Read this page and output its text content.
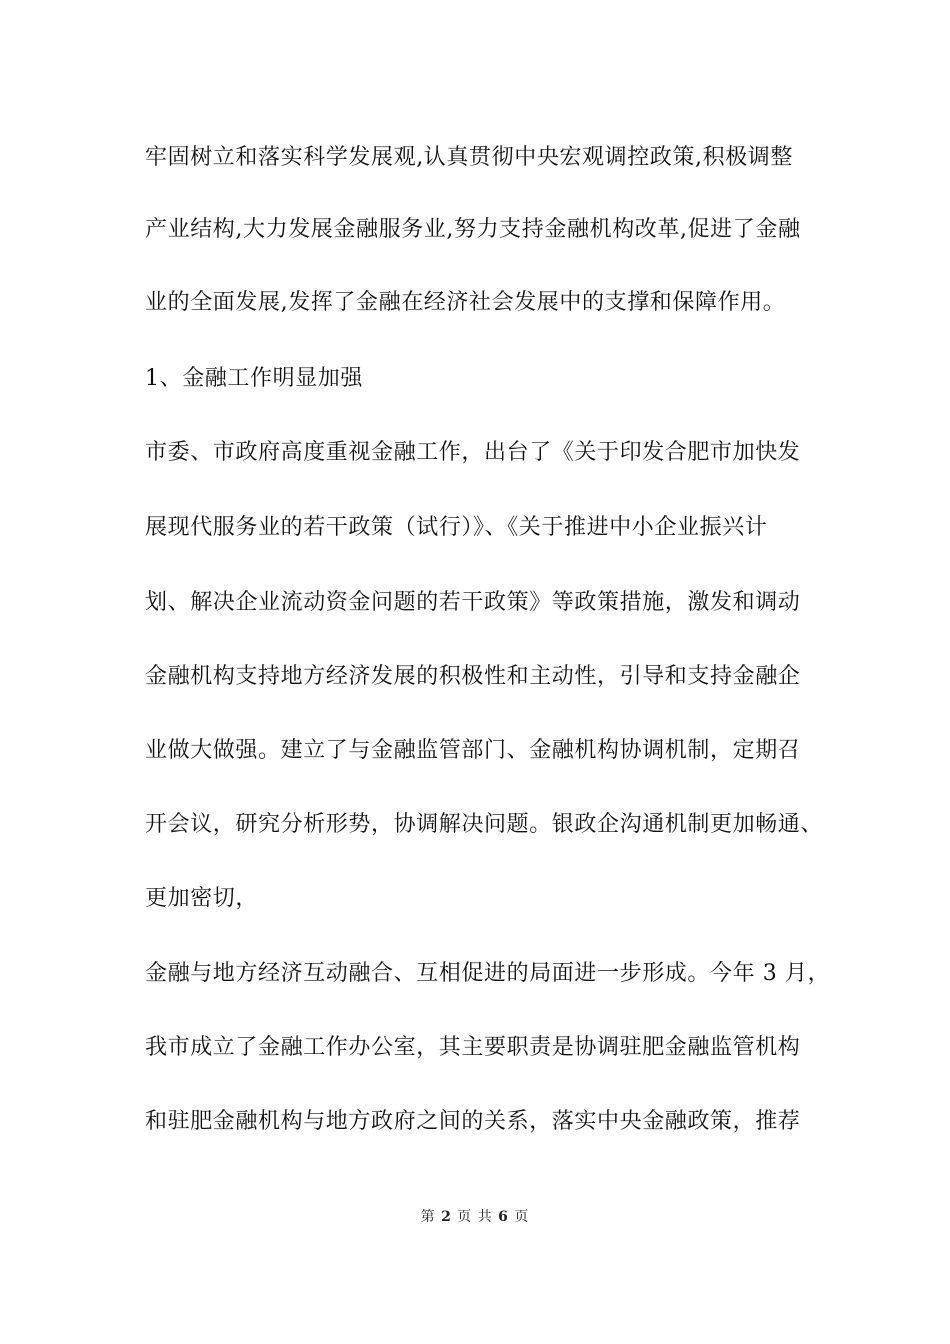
牢固树立和落实科学发展观,认真贯彻中央宏观调控政策,积极调整
产业结构,大力发展金融服务业,努力支持金融机构改革,促进了金融
业的全面发展,发挥了金融在经济社会发展中的支撑和保障作用。
1、金融工作明显加强
市委、市政府高度重视金融工作，出台了《关于印发合肥市加快发
展现代服务业的若干政策（试行）》、《关于推进中小企业振兴计
划、解决企业流动资金问题的若干政策》等政策措施，激发和调动
金融机构支持地方经济发展的积极性和主动性，引导和支持金融企
业做大做强。建立了与金融监管部门、金融机构协调机制，定期召
开会议，研究分析形势，协调解决问题。银政企沟通机制更加畅通、
更加密切，
金融与地方经济互动融合、互相促进的局面进一步形成。今年 3 月，
我市成立了金融工作办公室，其主要职责是协调驻肥金融监管机构
和驻肥金融机构与地方政府之间的关系，落实中央金融政策，推荐
第 2 页 共 6 页
